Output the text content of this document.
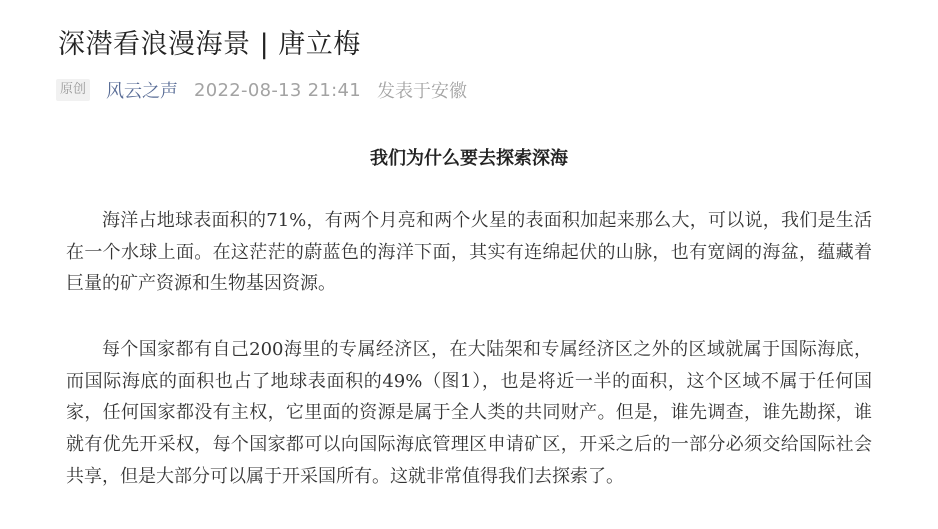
深潜看浪漫海景 | 唐立梅
原创 风云之声 2022-08-13 21:41 发表于安徽
我们为什么要去探索深海

海洋占地球表面积的71%，有两个月亮和两个火星的表面积加起来那么大，可以说，我们是生活在一个水球上面。在这茫茫的蔚蓝色的海洋下面，其实有连绵起伏的山脉，也有宽阔的海盆，蕴藏着巨量的矿产资源和生物基因资源。

每个国家都有自己200海里的专属经济区，在大陆架和专属经济区之外的区域就属于国际海底，而国际海底的面积也占了地球表面积的49%（图1），也是将近一半的面积，这个区域不属于任何国家，任何国家都没有主权，它里面的资源是属于全人类的共同财产。但是，谁先调查，谁先勘探，谁就有优先开采权，每个国家都可以向国际海底管理区申请矿区，开采之后的一部分必须交给国际社会共享，但是大部分可以属于开采国所有。这就非常值得我们去探索了。
